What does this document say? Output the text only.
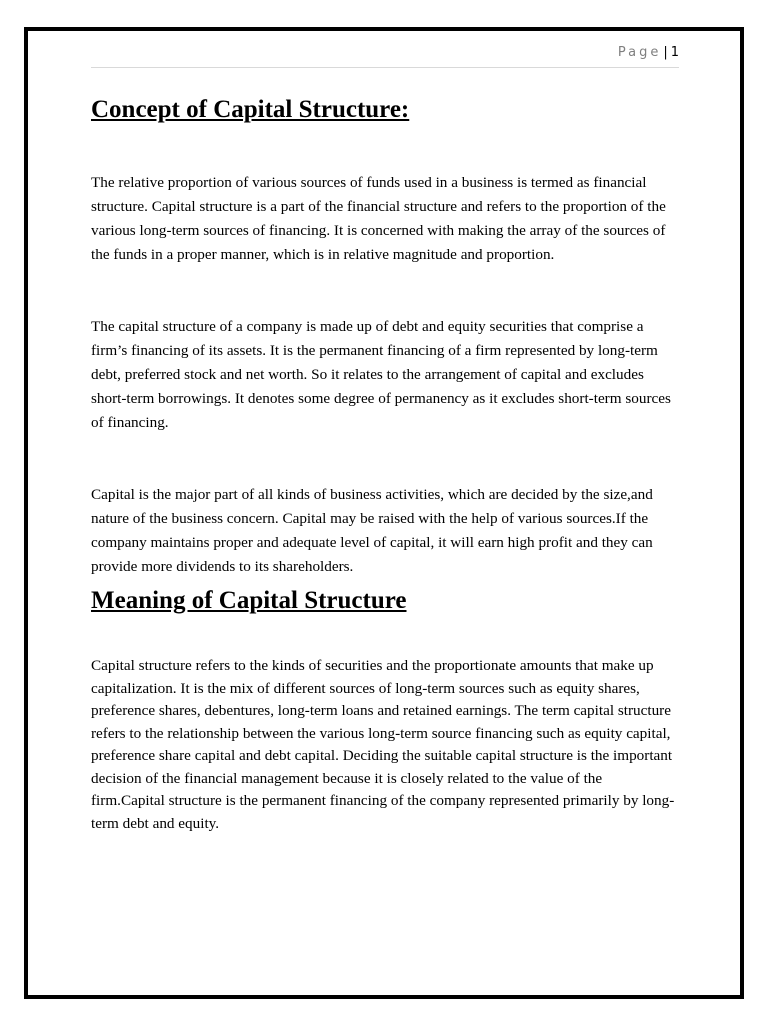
Page | 1
Concept of Capital Structure:

The relative proportion of various sources of funds used in a business is termed as financial structure. Capital structure is a part of the financial structure and refers to the proportion of the various long-term sources of financing. It is concerned with making the array of the sources of the funds in a proper manner, which is in relative magnitude and proportion.

The capital structure of a company is made up of debt and equity securities that comprise a firm’s financing of its assets. It is the permanent financing of a firm represented by long-term debt, preferred stock and net worth. So it relates to the arrangement of capital and excludes short-term borrowings. It denotes some degree of permanency as it excludes short-term sources of financing.

Capital is the major part of all kinds of business activities, which are decided by the size,and nature of the business concern. Capital may be raised with the help of various sources.If the company maintains proper and adequate level of capital, it will earn high profit and they can provide more dividends to its shareholders.

Meaning of Capital Structure

Capital structure refers to the kinds of securities and the proportionate amounts that make up capitalization. It is the mix of different sources of long-term sources such as equity shares, preference shares, debentures, long-term loans and retained earnings. The term capital structure refers to the relationship between the various long-term source financing such as equity capital, preference share capital and debt capital. Deciding the suitable capital structure is the important decision of the financial management because it is closely related to the value of the firm.Capital structure is the permanent financing of the company represented primarily by long-term debt and equity.
